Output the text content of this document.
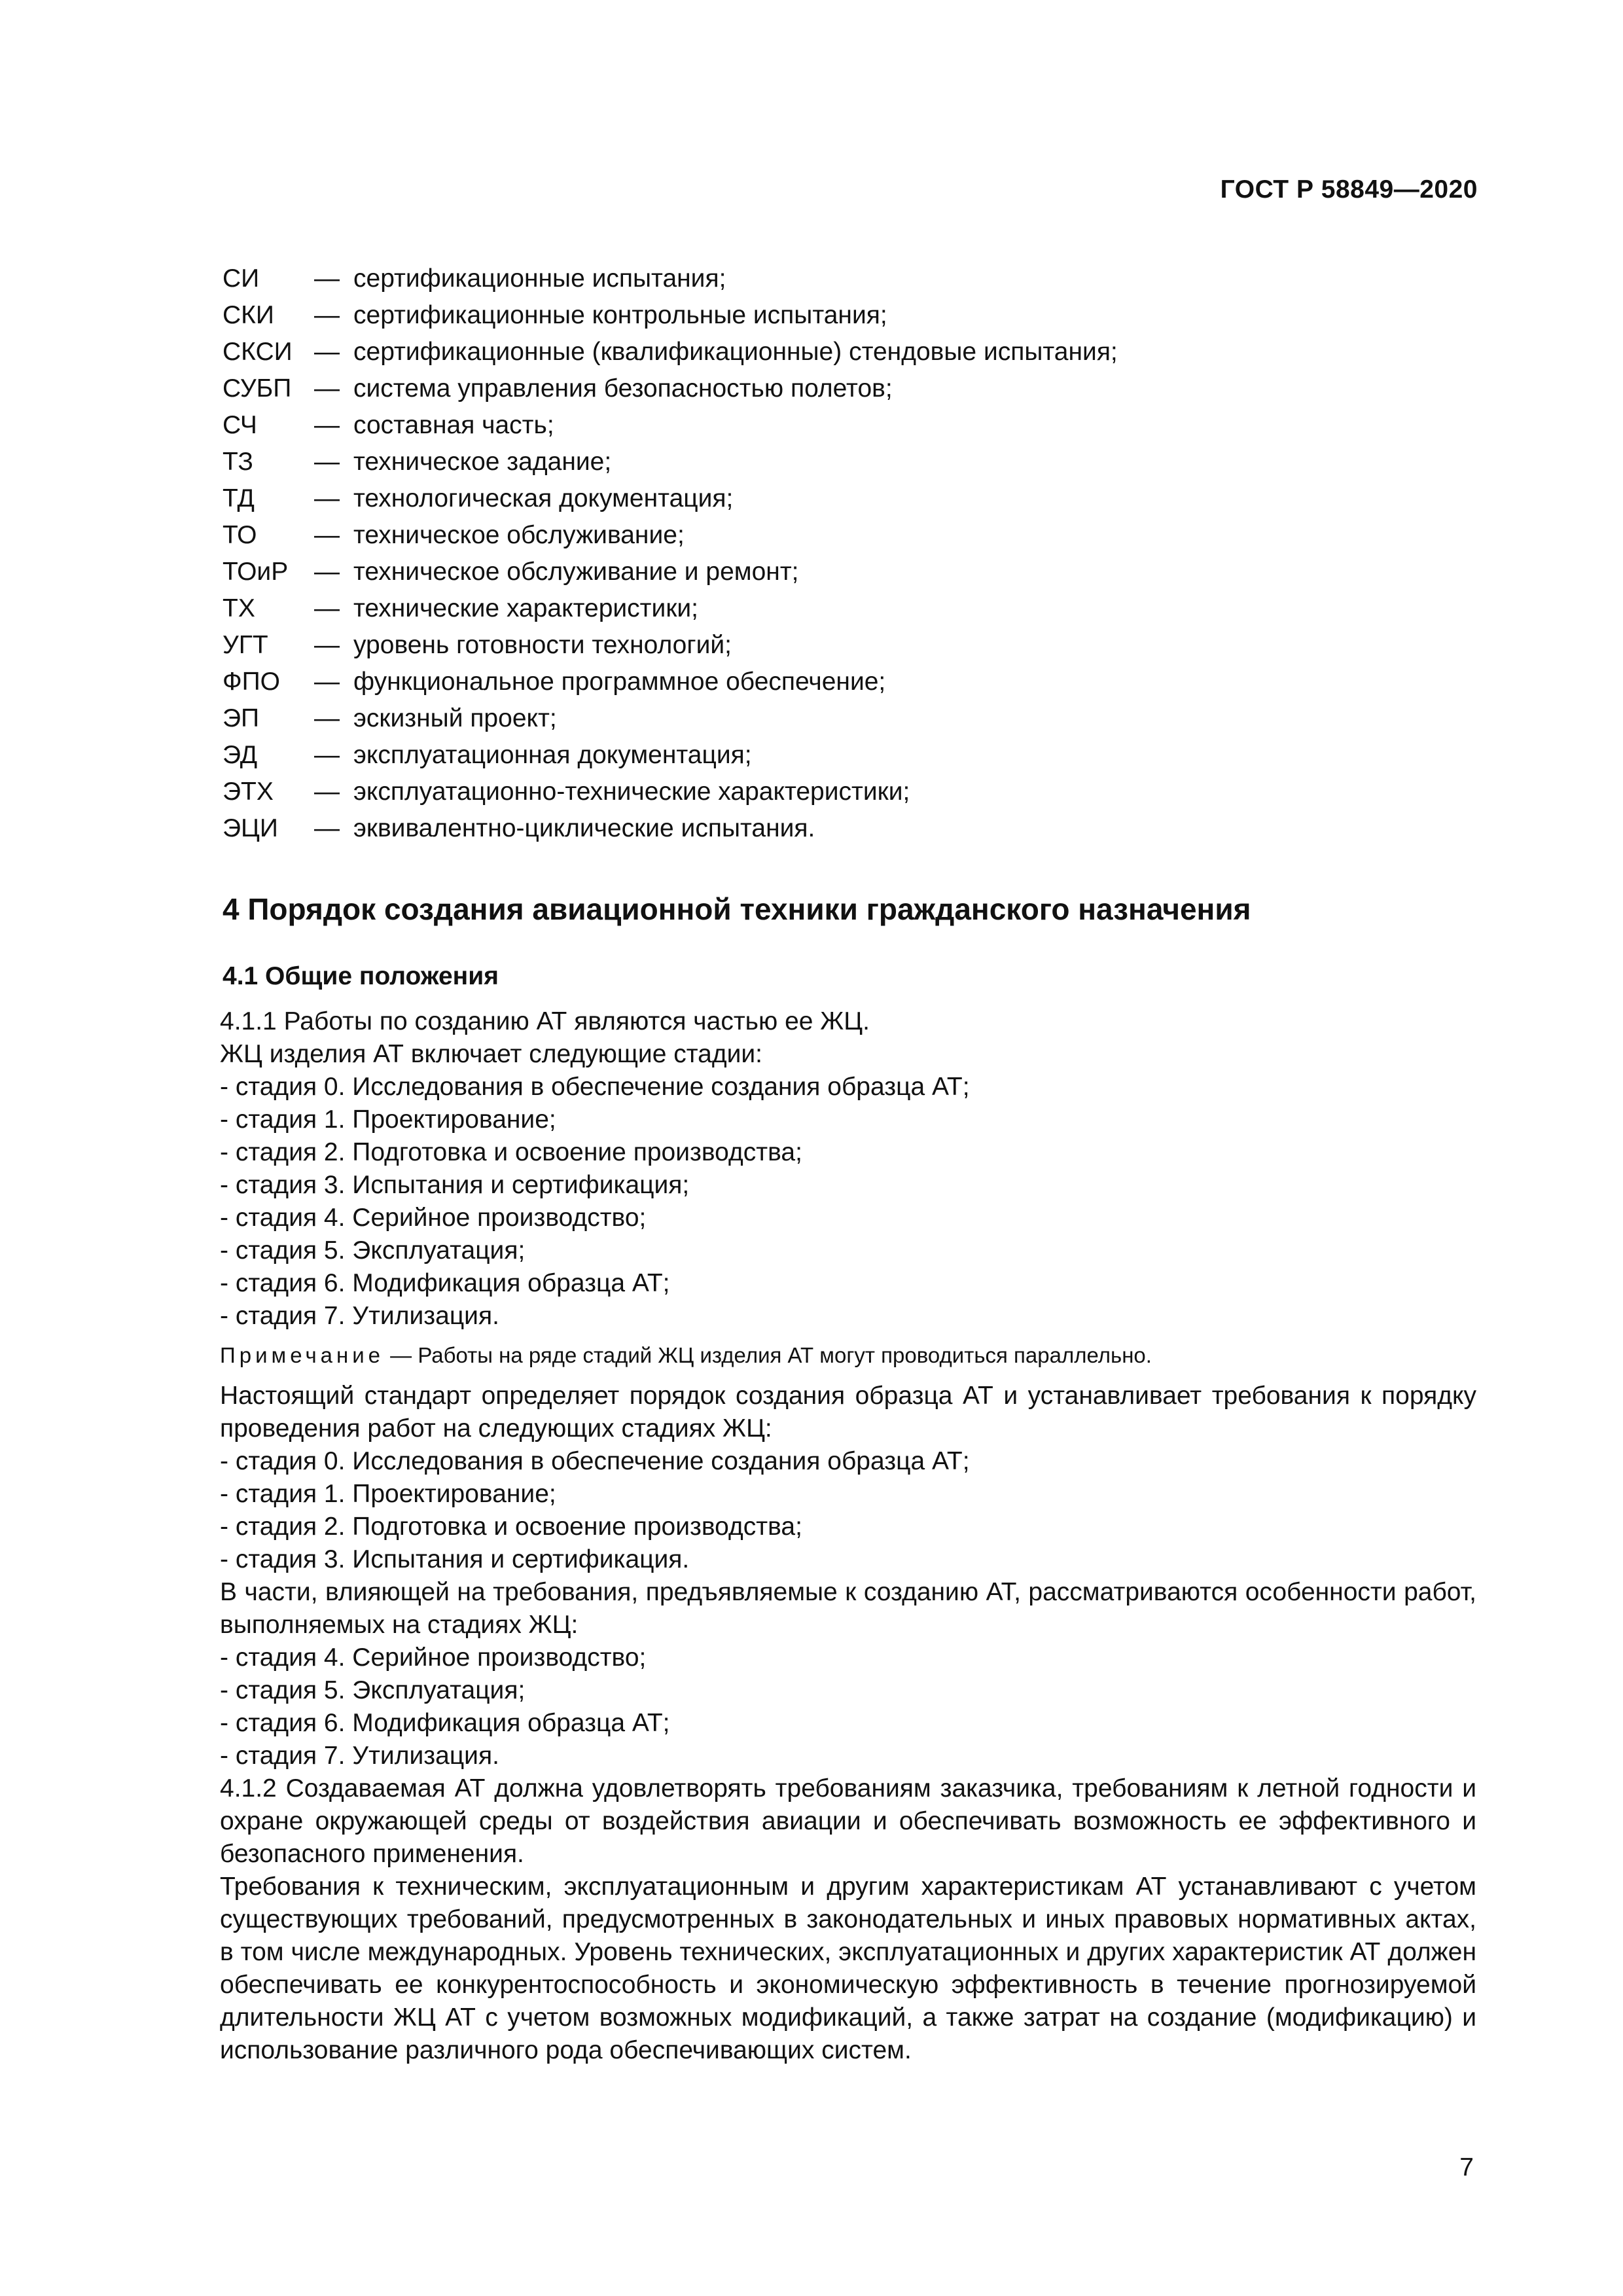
ГОСТ Р 58849—2020
СИ	— сертификационные испытания;
СКИ	— сертификационные контрольные испытания;
СКСИ — сертификационные (квалификационные) стендовые испытания;
СУБП — система управления безопасностью полетов;
СЧ	— составная часть;
ТЗ	— техническое задание;
ТД	— технологическая документация;
ТО	— техническое обслуживание;
ТОиР	— техническое обслуживание и ремонт;
ТХ	— технические характеристики;
УГТ	— уровень готовности технологий;
ФПО	— функциональное программное обеспечение;
ЭП	— эскизный проект;
ЭД	— эксплуатационная документация;
ЭТХ	— эксплуатационно-технические характеристики;
ЭЦИ	— эквивалентно-циклические испытания.
4 Порядок создания авиационной техники гражданского назначения
4.1 Общие положения

4.1.1 Работы по созданию АТ являются частью ее ЖЦ.

ЖЦ изделия АТ включает следующие стадии:

- стадия 0. Исследования в обеспечение создания образца АТ;

- стадия 1. Проектирование;

- стадия 2. Подготовка и освоение производства;

- стадия 3. Испытания и сертификация;

- стадия 4. Серийное производство;

- стадия 5. Эксплуатация;

- стадия 6. Модификация образца АТ;

- стадия 7. Утилизация.

Примечание — Работы на ряде стадий ЖЦ изделия АТ могут проводиться параллельно.

Настоящий стандарт определяет порядок создания образца АТ и устанавливает требования к порядку проведения работ на следующих стадиях ЖЦ:

- стадия 0. Исследования в обеспечение создания образца АТ;

- стадия 1. Проектирование;

- стадия 2. Подготовка и освоение производства;

- стадия 3. Испытания и сертификация.

В части, влияющей на требования, предъявляемые к созданию АТ, рассматриваются особенности работ, выполняемых на стадиях ЖЦ:

- стадия 4. Серийное производство;

- стадия 5. Эксплуатация;

- стадия 6. Модификация образца АТ;

- стадия 7. Утилизация.

4.1.2 Создаваемая АТ должна удовлетворять требованиям заказчика, требованиям к летной годности и охране окружающей среды от воздействия авиации и обеспечивать возможность ее эффективного и безопасного применения.

Требования к техническим, эксплуатационным и другим характеристикам АТ устанавливают с учетом существующих требований, предусмотренных в законодательных и иных правовых нормативных актах, в том числе международных. Уровень технических, эксплуатационных и других характеристик АТ должен обеспечивать ее конкурентоспособность и экономическую эффективность в течение прогнозируемой длительности ЖЦ АТ с учетом возможных модификаций, а также затрат на создание (модификацию) и использование различного рода обеспечивающих систем.

7
